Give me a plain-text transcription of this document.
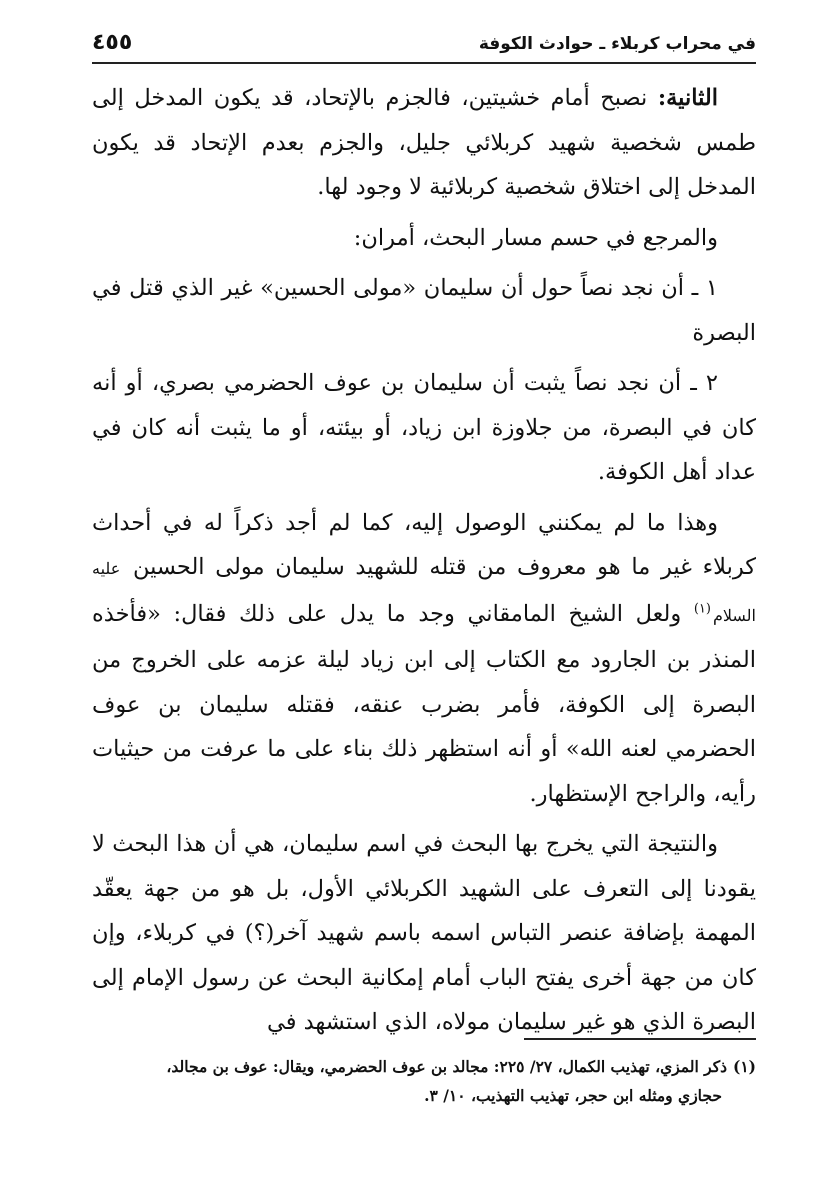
في محراب كربلاء ـ حوادث الكوفة
٤٥٥

الثانية: نصبح أمام خشيتين، فالجزم بالإتحاد، قد يكون المدخل إلى طمس شخصية شهيد كربلائي جليل، والجزم بعدم الإتحاد قد يكون المدخل إلى اختلاق شخصية كربلائية لا وجود لها.

والمرجع في حسم مسار البحث، أمران:

١ ـ أن نجد نصاً حول أن سليمان «مولى الحسين» غير الذي قتل في البصرة

٢ ـ أن نجد نصاً يثبت أن سليمان بن عوف الحضرمي بصري، أو أنه كان في البصرة، من جلاوزة ابن زياد، أو بيئته، أو ما يثبت أنه كان في عداد أهل الكوفة.

وهذا ما لم يمكنني الوصول إليه، كما لم أجد ذكراً له في أحداث كربلاء غير ما هو معروف من قتله للشهيد سليمان مولى الحسين عليه السلام$^{(١)}$ ولعل الشيخ المامقاني وجد ما يدل على ذلك فقال: «فأخذه المنذر بن الجارود مع الكتاب إلى ابن زياد ليلة عزمه على الخروج من البصرة إلى الكوفة، فأمر بضرب عنقه، فقتله سليمان بن عوف الحضرمي لعنه الله» أو أنه استظهر ذلك بناء على ما عرفت من حيثيات رأيه، والراجح الإستظهار.

والنتيجة التي يخرج بها البحث في اسم سليمان، هي أن هذا البحث لا يقودنا إلى التعرف على الشهيد الكربلائي الأول، بل هو من جهة يعقّد المهمة بإضافة عنصر التباس اسمه باسم شهيد آخر(؟) في كربلاء، وإن كان من جهة أخرى يفتح الباب أمام إمكانية البحث عن رسول الإمام إلى البصرة الذي هو غير سليمان مولاه، الذي استشهد في

(١)ذكر المزي، تهذيب الكمال، ٢٧/ ٢٢٥: مجالد بن عوف الحضرمي، ويقال: عوف بن مجالد،
حجازي ومثله ابن حجر، تهذيب التهذيب، ١٠/ ٣.
